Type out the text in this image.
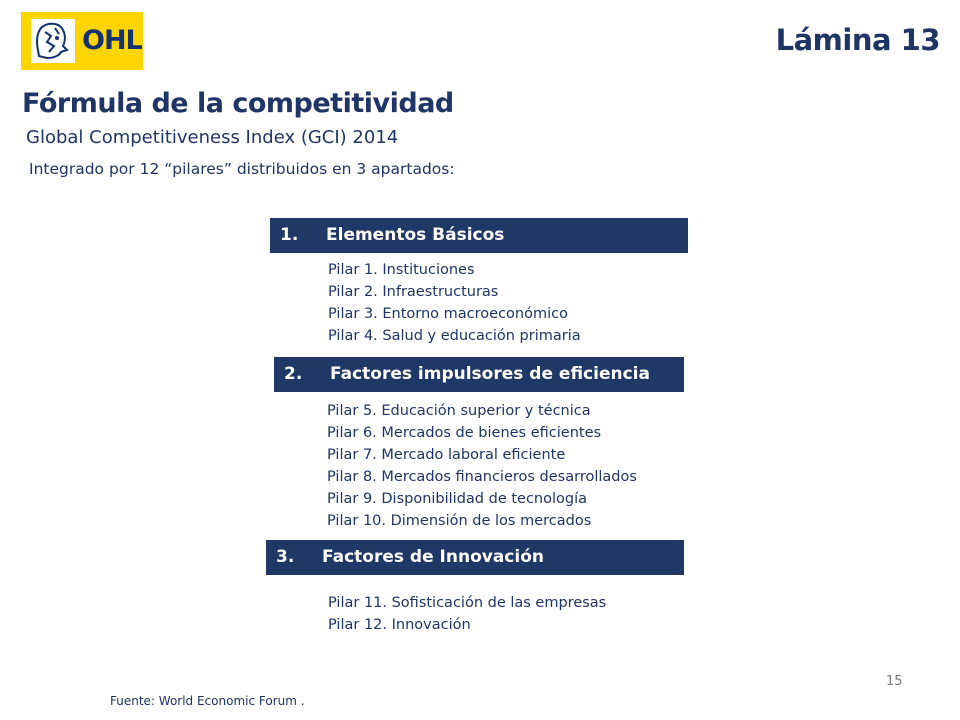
OHL	Lámina 13
Fórmula de la competitividad
Global Competitiveness Index (GCI) 2014
Integrado por 12 “pilares” distribuidos en 3 apartados:
1. Elementos Básicos
Pilar 1. Instituciones
Pilar 2. Infraestructuras
Pilar 3. Entorno macroeconómico
Pilar 4. Salud y educación primaria
2. Factores impulsores de eficiencia
Pilar 5. Educación superior y técnica
Pilar 6. Mercados de bienes eficientes
Pilar 7. Mercado laboral eficiente
Pilar 8. Mercados financieros desarrollados
Pilar 9. Disponibilidad de tecnología
Pilar 10. Dimensión de los mercados
3. Factores de Innovación
Pilar 11. Sofisticación de las empresas
Pilar 12. Innovación
15
Fuente: World Economic Forum .
